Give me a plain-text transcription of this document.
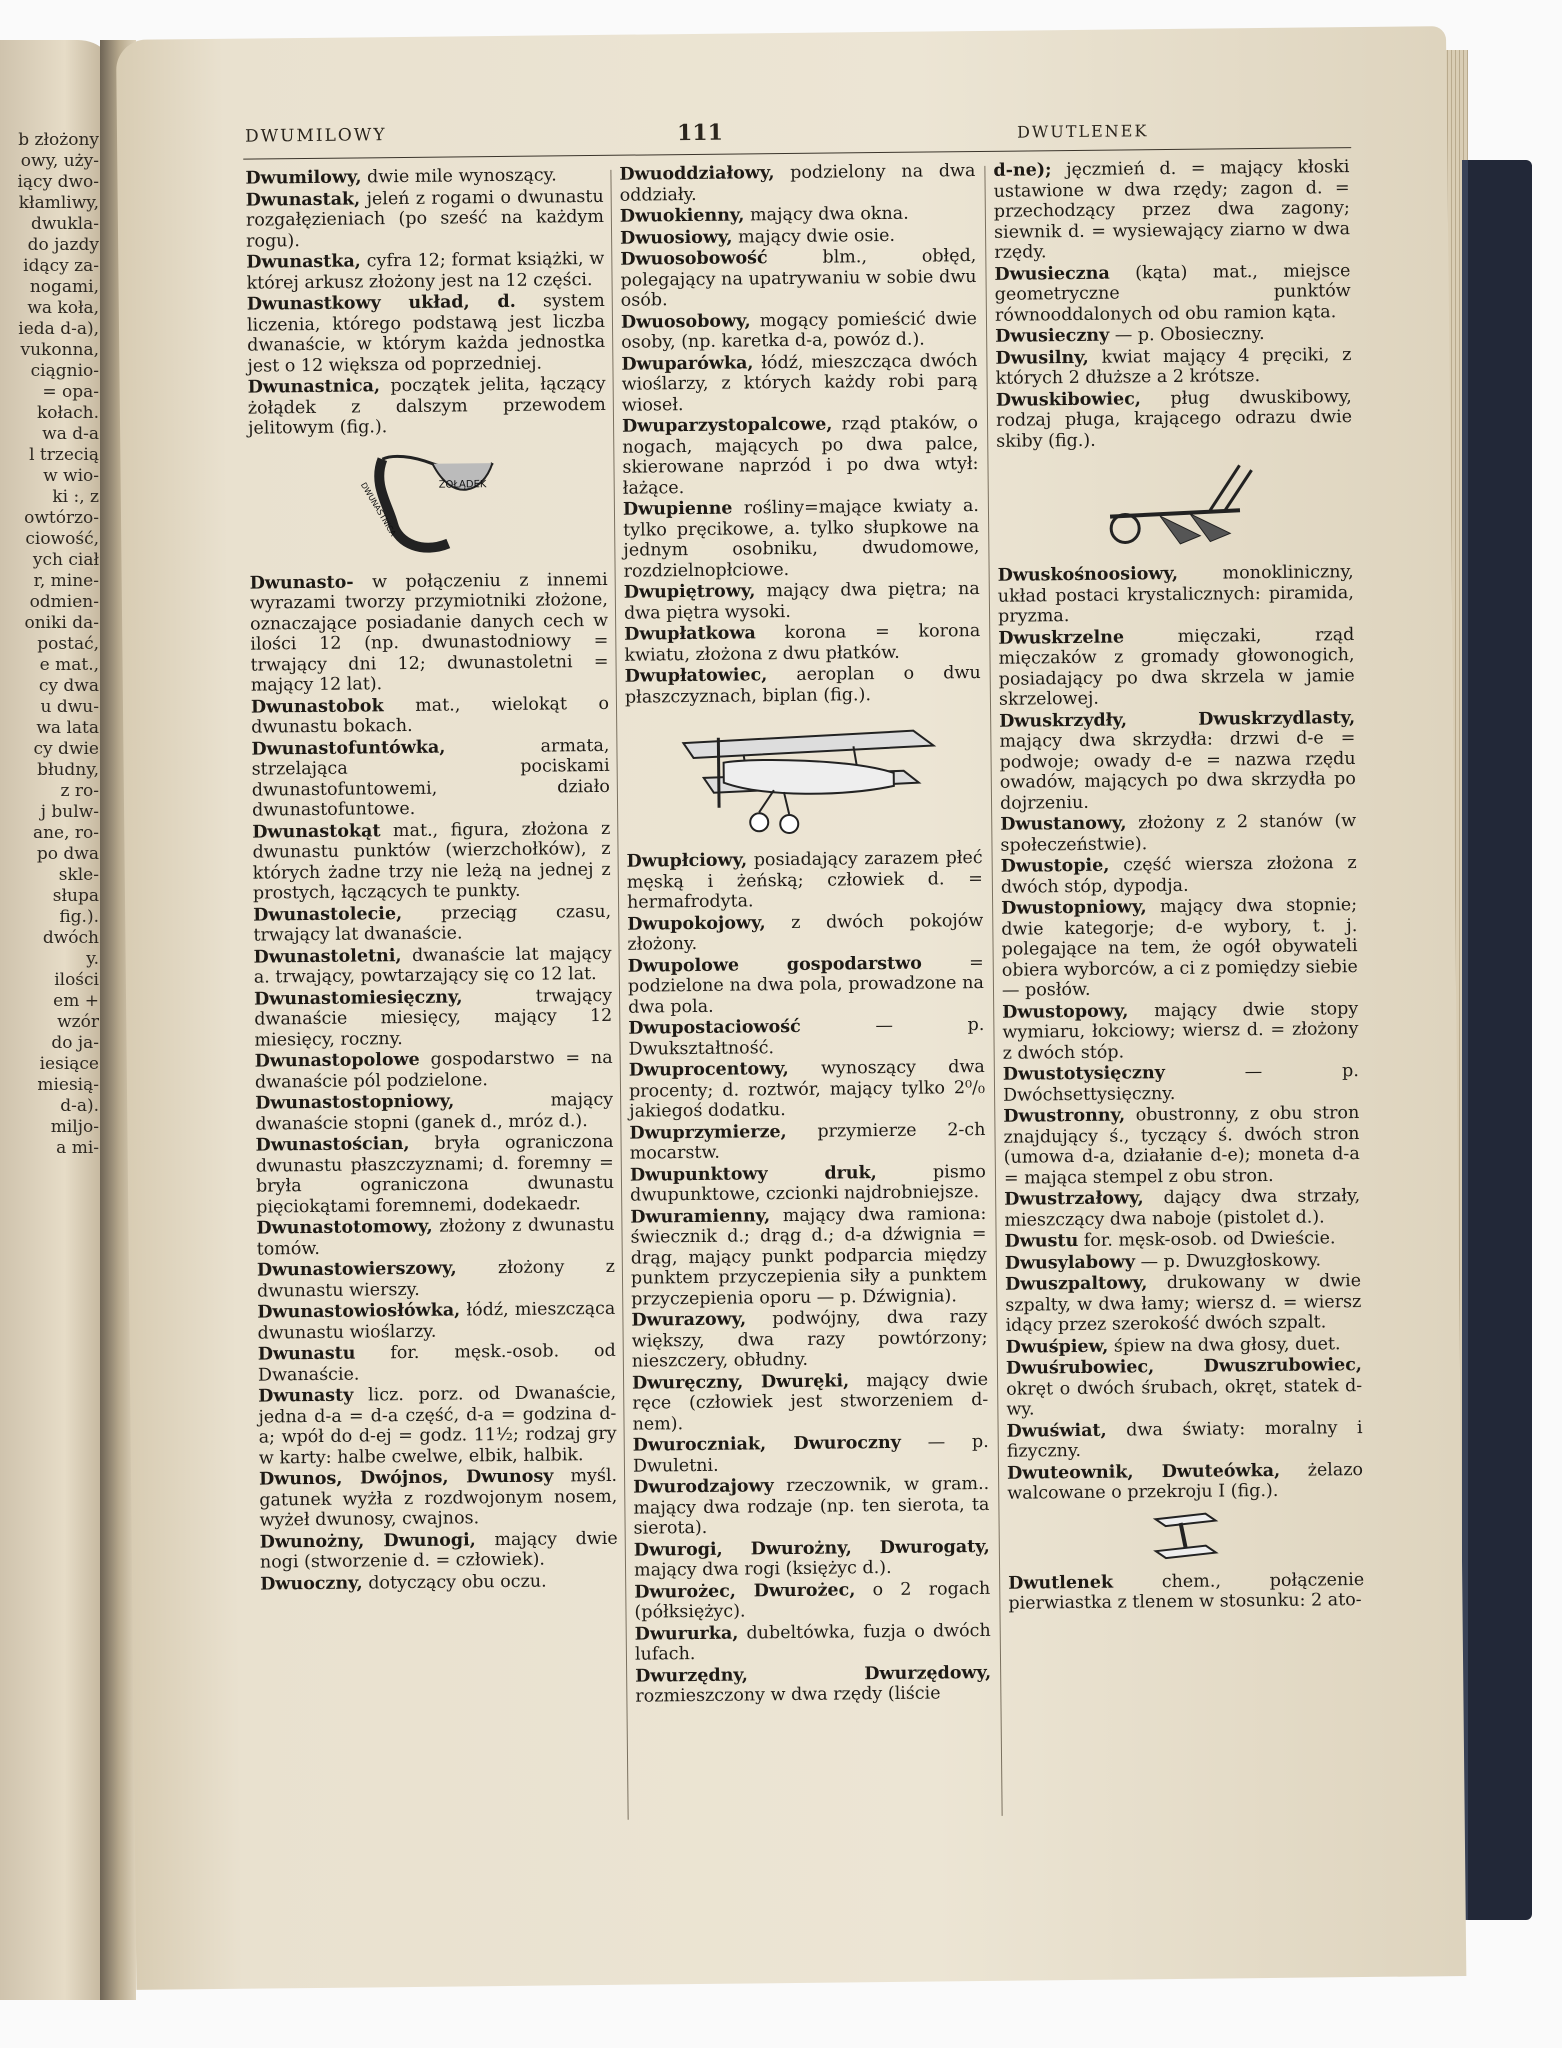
b złożony
owy, uży-
iący dwo-
kłamliwy,
dwukla-
do jazdy
idący za-
nogami,
wa koła,
ieda d-a),
vukonna,
ciągnio-
= opa-
kołach.
wa d-a
l trzecią
w wio-
ki :, z
owtórzo-
ciowość,
ych ciał
r, mine-
odmien-
oniki da-
postać,
e mat.,
cy dwa
u dwu-
wa lata
cy dwie
błudny,
z ro-
j bulw-
ane, ro-
po dwa
skle-
słupa
fig.).
dwóch
y.
ilości
em +
wzór
do ja-
iesiące
miesią-
d-a).
miljo-
a mi-
DWUMILOWY	111	DWUTLENEK

Dwumilowy, dwie mile wynoszący.

Dwunastak, jeleń z rogami o dwunastu rozgałęzieniach (po sześć na każdym rogu).

Dwunastka, cyfra 12; format książki, w której arkusz złożony jest na 12 części.

Dwunastkowy układ, d. system liczenia, którego podstawą jest liczba dwanaście, w którym każda jednostka jest o 12 większa od poprzedniej.

Dwunastnica, początek jelita, łączący żołądek z dalszym przewodem jelitowym (fig.).

ŻOŁĄDEK
DWUNASTNICA

Dwunasto- w połączeniu z innemi wyrazami tworzy przymiotniki złożone, oznaczające posiadanie danych cech w ilości 12 (np. dwunastodniowy = trwający dni 12; dwunastoletni = mający 12 lat).

Dwunastobok mat., wielokąt o dwunastu bokach.

Dwunastofuntówka, armata, strzelająca pociskami dwunastofuntowemi, działo dwunastofuntowe.

Dwunastokąt mat., figura, złożona z dwunastu punktów (wierzchołków), z których żadne trzy nie leżą na jednej z prostych, łączących te punkty.

Dwunastolecie, przeciąg czasu, trwający lat dwanaście.

Dwunastoletni, dwanaście lat mający a. trwający, powtarzający się co 12 lat.

Dwunastomiesięczny, trwający dwanaście miesięcy, mający 12 miesięcy, roczny.

Dwunastopolowe gospodarstwo = na dwanaście pól podzielone.

Dwunastostopniowy, mający dwanaście stopni (ganek d., mróz d.).

Dwunastościan, bryła ograniczona dwunastu płaszczyznami; d. foremny = bryła ograniczona dwunastu pięciokątami foremnemi, dodekaedr.

Dwunastotomowy, złożony z dwunastu tomów.

Dwunastowierszowy, złożony z dwunastu wierszy.

Dwunastowiosłówka, łódź, mieszcząca dwunastu wioślarzy.

Dwunastu for. męsk.-osob. od Dwanaście.

Dwunasty licz. porz. od Dwanaście, jedna d-a = d-a część, d-a = godzina d-a; wpół do d-ej = godz. 11½; rodzaj gry w karty: halbe cwelwe, elbik, halbik.

Dwunos, Dwójnos, Dwunosy myśl. gatunek wyżła z rozdwojonym nosem, wyżeł dwunosy, cwajnos.

Dwunożny, Dwunogi, mający dwie nogi (stworzenie d. = człowiek).

Dwuoczny, dotyczący obu oczu.

Dwuoddziałowy, podzielony na dwa oddziały.

Dwuokienny, mający dwa okna.

Dwuosiowy, mający dwie osie.

Dwuosobowość blm., obłęd, polegający na upatrywaniu w sobie dwu osób.

Dwuosobowy, mogący pomieścić dwie osoby, (np. karetka d-a, powóz d.).

Dwuparówka, łódź, mieszcząca dwóch wioślarzy, z których każdy robi parą wioseł.

Dwuparzystopalcowe, rząd ptaków, o nogach, mających po dwa palce, skierowane naprzód i po dwa wtył: łażące.

Dwupienne rośliny=mające kwiaty a. tylko pręcikowe, a. tylko słupkowe na jednym osobniku, dwudomowe, rozdzielnopłciowe.

Dwupiętrowy, mający dwa piętra; na dwa piętra wysoki.

Dwupłatkowa korona = korona kwiatu, złożona z dwu płatków.

Dwupłatowiec, aeroplan o dwu płaszczyznach, biplan (fig.).

Dwupłciowy, posiadający zarazem płeć męską i żeńską; człowiek d. = hermafrodyta.

Dwupokojowy, z dwóch pokojów złożony.

Dwupolowe gospodarstwo = podzielone na dwa pola, prowadzone na dwa pola.

Dwupostaciowość — p. Dwukształtność.

Dwuprocentowy, wynoszący dwa procenty; d. roztwór, mający tylko 2⁰/₀ jakiegoś dodatku.

Dwuprzymierze, przymierze 2-ch mocarstw.

Dwupunktowy druk, pismo dwupunktowe, czcionki najdrobniejsze.

Dwuramienny, mający dwa ramiona: świecznik d.; drąg d.; d-a dźwignia = drąg, mający punkt podparcia między punktem przyczepienia siły a punktem przyczepienia oporu — p. Dźwignia).

Dwurazowy, podwójny, dwa razy większy, dwa razy powtórzony; nieszczery, obłudny.

Dwuręczny, Dwuręki, mający dwie ręce (człowiek jest stworzeniem d-nem).

Dwuroczniak, Dwuroczny — p. Dwuletni.

Dwurodzajowy rzeczownik, w gram.. mający dwa rodzaje (np. ten sierota, ta sierota).

Dwurogi, Dwurożny, Dwurogaty, mający dwa rogi (księżyc d.).

Dwurożec, Dwurożec, o 2 rogach (półksiężyc).

Dwururka, dubeltówka, fuzja o dwóch lufach.

Dwurzędny, Dwurzędowy, rozmieszczony w dwa rzędy (liście

d-ne); jęczmień d. = mający kłoski ustawione w dwa rzędy; zagon d. = przechodzący przez dwa zagony; siewnik d. = wysiewający ziarno w dwa rzędy.

Dwusieczna (kąta) mat., miejsce geometryczne punktów równooddalonych od obu ramion kąta.

Dwusieczny — p. Obosieczny.

Dwusilny, kwiat mający 4 pręciki, z których 2 dłuższe a 2 krótsze.

Dwuskibowiec, pług dwuskibowy, rodzaj pługa, krającego odrazu dwie skiby (fig.).

Dwuskośnoosiowy, monokliniczny, układ postaci krystalicznych: piramida, pryzma.

Dwuskrzelne mięczaki, rząd mięczaków z gromady głowonogich, posiadający po dwa skrzela w jamie skrzelowej.

Dwuskrzydły, Dwuskrzydlasty, mający dwa skrzydła: drzwi d-e = podwoje; owady d-e = nazwa rzędu owadów, mających po dwa skrzydła po dojrzeniu.

Dwustanowy, złożony z 2 stanów (w społeczeństwie).

Dwustopie, część wiersza złożona z dwóch stóp, dypodja.

Dwustopniowy, mający dwa stopnie; dwie kategorje; d-e wybory, t. j. polegające na tem, że ogół obywateli obiera wyborców, a ci z pomiędzy siebie — posłów.

Dwustopowy, mający dwie stopy wymiaru, łokciowy; wiersz d. = złożony z dwóch stóp.

Dwustotysięczny — p. Dwóchsettysięczny.

Dwustronny, obustronny, z obu stron znajdujący ś., tyczący ś. dwóch stron (umowa d-a, działanie d-e); moneta d-a = mająca stempel z obu stron.

Dwustrzałowy, dający dwa strzały, mieszczący dwa naboje (pistolet d.).

Dwustu for. męsk-osob. od Dwieście.

Dwusylabowy — p. Dwuzgłoskowy.

Dwuszpaltowy, drukowany w dwie szpalty, w dwa łamy; wiersz d. = wiersz idący przez szerokość dwóch szpalt.

Dwuśpiew, śpiew na dwa głosy, duet.

Dwuśrubowiec, Dwuszrubowiec, okręt o dwóch śrubach, okręt, statek d-wy.

Dwuświat, dwa światy: moralny i fizyczny.

Dwuteownik, Dwuteówka, żelazo walcowane o przekroju I (fig.).

Dwutlenek chem., połączenie pierwiastka z tlenem w stosunku: 2 ato-
